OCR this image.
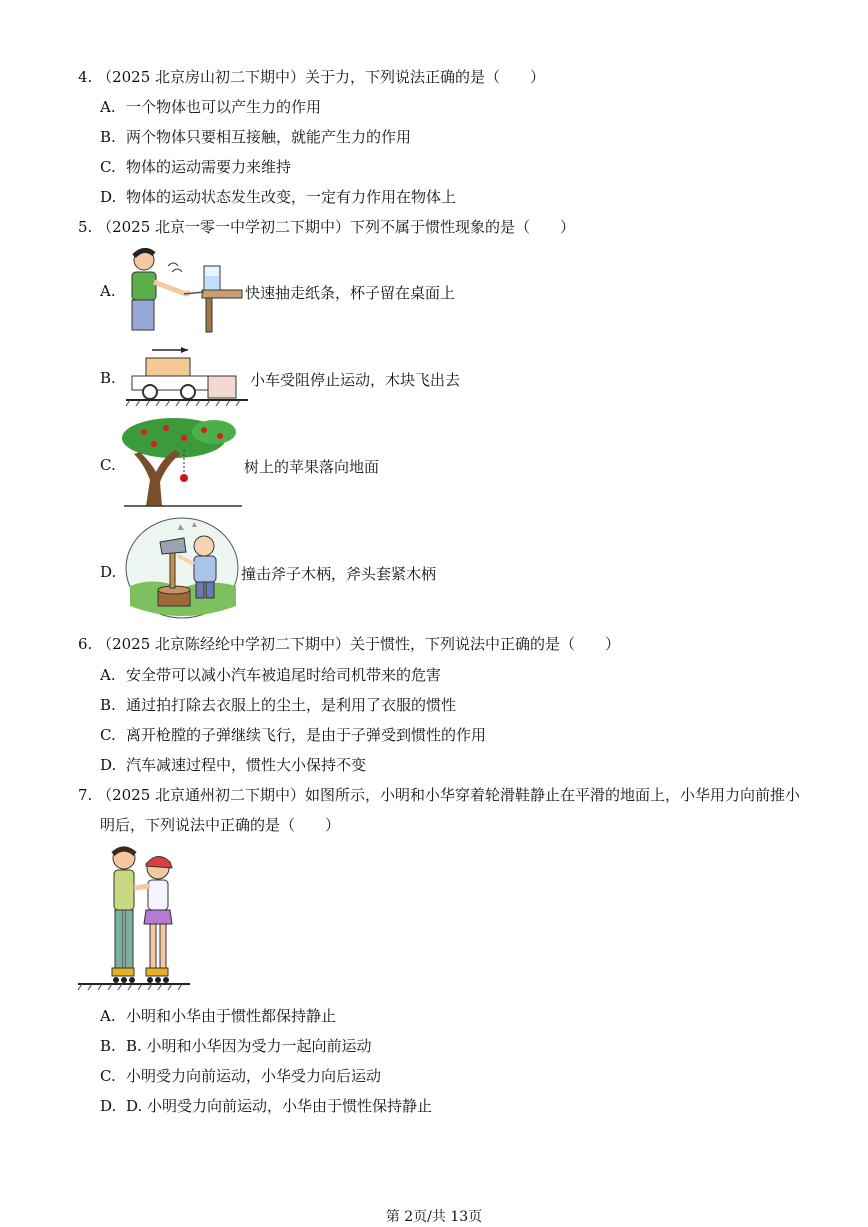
4. （2025 北京房山初二下期中）关于力，下列说法正确的是（　　）
A. 一个物体也可以产生力的作用
B. 两个物体只要相互接触，就能产生力的作用
C. 物体的运动需要力来维持
D. 物体的运动状态发生改变，一定有力作用在物体上
5. （2025 北京一零一中学初二下期中）下列不属于惯性现象的是（　　）
A.	快速抽走纸条，杯子留在桌面上
B.	小车受阻停止运动，木块飞出去
C.	树上的苹果落向地面
D.	撞击斧子木柄，斧头套紧木柄
6. （2025 北京陈经纶中学初二下期中）关于惯性，下列说法中正确的是（　　）
A. 安全带可以减小汽车被追尾时给司机带来的危害
B. 通过拍打除去衣服上的尘土，是利用了衣服的惯性
C. 离开枪膛的子弹继续飞行，是由于子弹受到惯性的作用
D. 汽车减速过程中，惯性大小保持不变
7. （2025 北京通州初二下期中）如图所示，小明和小华穿着轮滑鞋静止在平滑的地面上，小华用力向前推小
明后，下列说法中正确的是（　　）
A. 小明和小华由于惯性都保持静止
B. B. 小明和小华因为受力一起向前运动
C. 小明受力向前运动，小华受力向后运动
D. D. 小明受力向前运动，小华由于惯性保持静止
第 2页/共 13页
